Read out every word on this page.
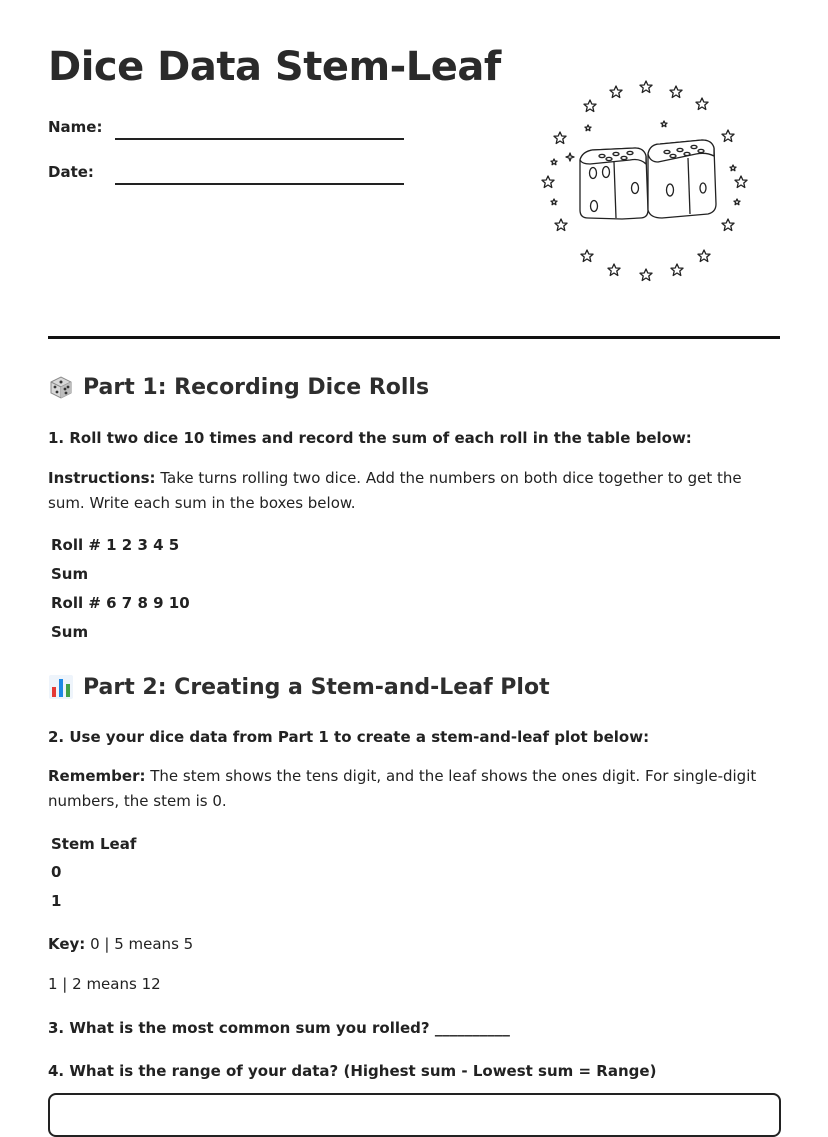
Dice Data Stem-Leaf
Name:
Date:
Part 1: Recording Dice Rolls

1. Roll two dice 10 times and record the sum of each roll in the table below:

Instructions: Take turns rolling two dice. Add the numbers on both dice together to get the sum. Write each sum in the boxes below.

Roll # 1 2 3 4 5

Sum

Roll # 6 7 8 9 10

Sum

Part 2: Creating a Stem-and-Leaf Plot

2. Use your dice data from Part 1 to create a stem-and-leaf plot below:

Remember: The stem shows the tens digit, and the leaf shows the ones digit. For single-digit numbers, the stem is 0.

Stem Leaf

0

1

Key: 0 | 5 means 5

1 | 2 means 12

3. What is the most common sum you rolled? __________

4. What is the range of your data? (Highest sum - Lowest sum = Range)
